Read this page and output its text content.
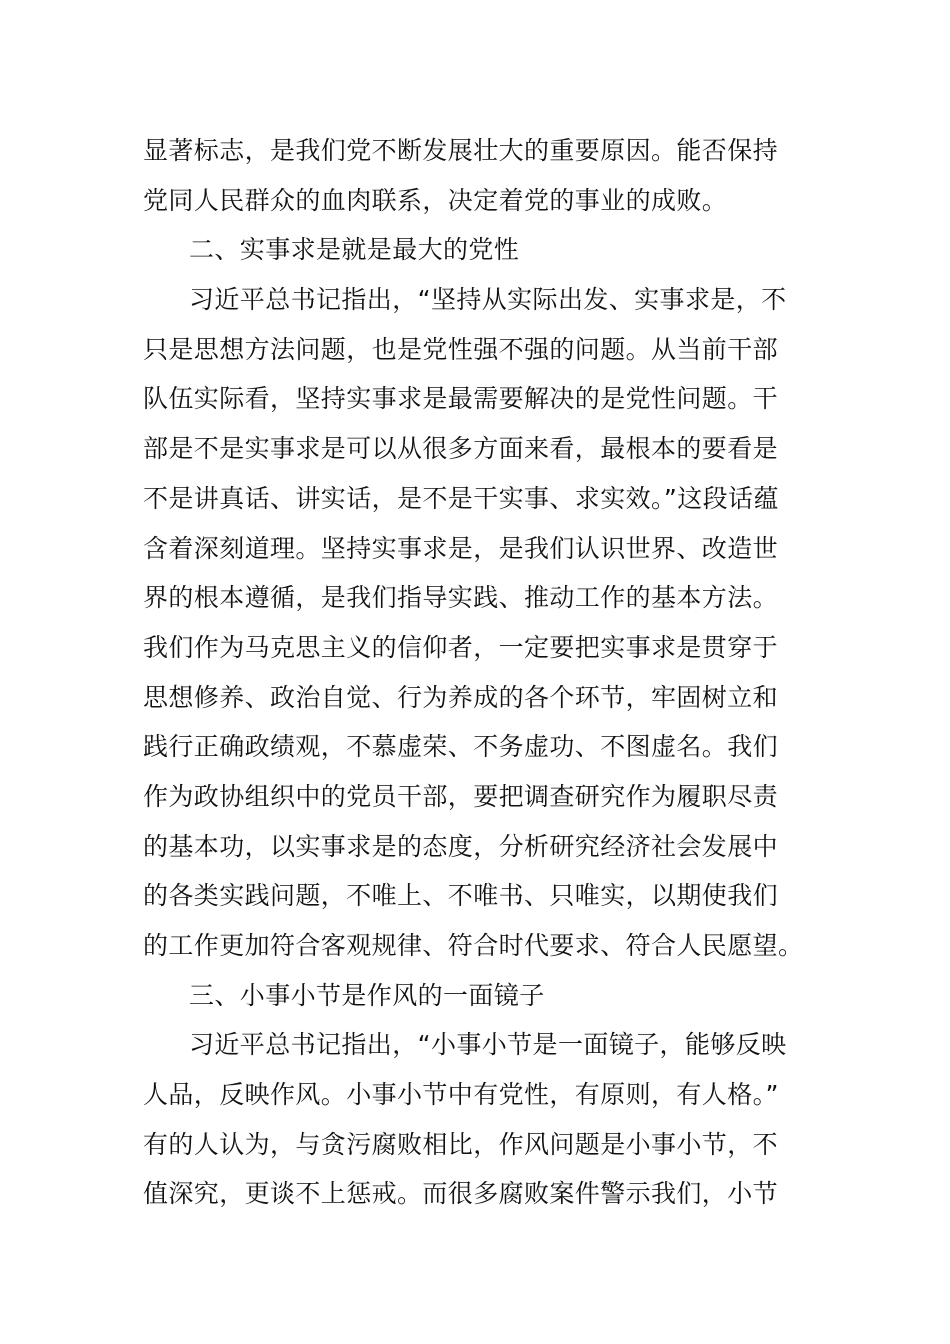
显著标志，是我们党不断发展壮大的重要原因。能否保持
党同人民群众的血肉联系，决定着党的事业的成败。
二、实事求是就是最大的党性
习近平总书记指出，“坚持从实际出发、实事求是，不
只是思想方法问题，也是党性强不强的问题。从当前干部
队伍实际看，坚持实事求是最需要解决的是党性问题。干
部是不是实事求是可以从很多方面来看，最根本的要看是
不是讲真话、讲实话，是不是干实事、求实效。”这段话蕴
含着深刻道理。坚持实事求是，是我们认识世界、改造世
界的根本遵循，是我们指导实践、推动工作的基本方法。
我们作为马克思主义的信仰者，一定要把实事求是贯穿于
思想修养、政治自觉、行为养成的各个环节，牢固树立和
践行正确政绩观，不慕虚荣、不务虚功、不图虚名。我们
作为政协组织中的党员干部，要把调查研究作为履职尽责
的基本功，以实事求是的态度，分析研究经济社会发展中
的各类实践问题，不唯上、不唯书、只唯实，以期使我们
的工作更加符合客观规律、符合时代要求、符合人民愿望。
三、小事小节是作风的一面镜子
习近平总书记指出，“小事小节是一面镜子，能够反映
人品，反映作风。小事小节中有党性，有原则，有人格。”
有的人认为，与贪污腐败相比，作风问题是小事小节，不
值深究，更谈不上惩戒。而很多腐败案件警示我们，小节
